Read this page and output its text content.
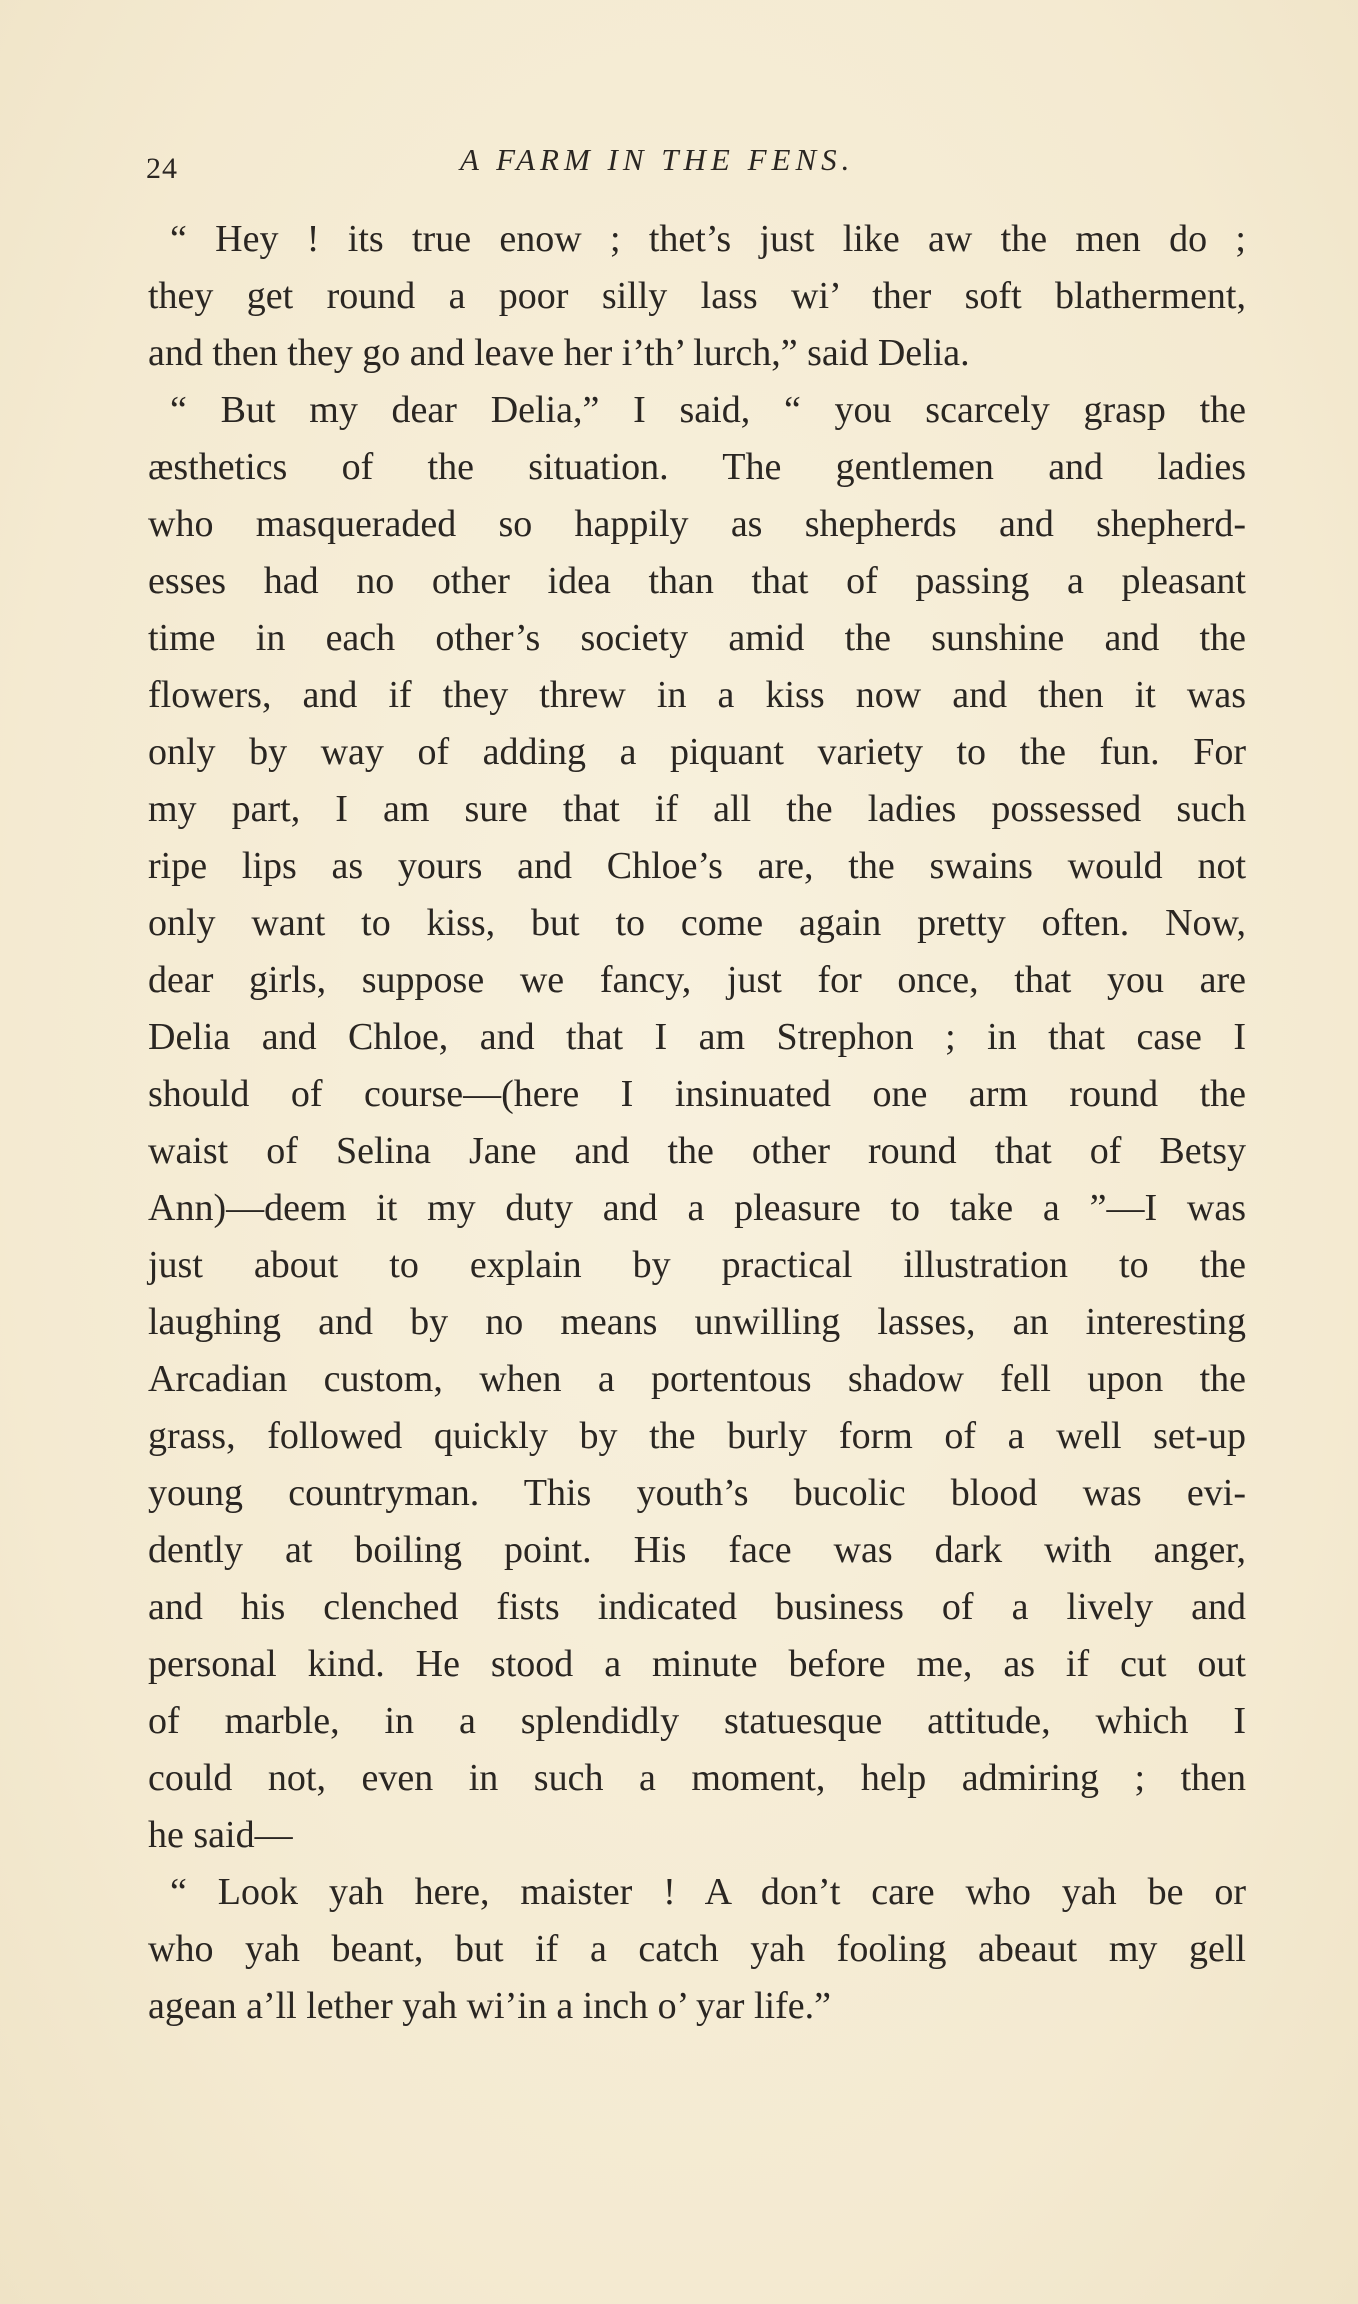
24	A FARM IN THE FENS.
“ Hey ! its true enow ; thet’s just like aw the men do ;
they get round a poor silly lass wi’ ther soft blatherment,
and then they go and leave her i’th’ lurch,” said Delia.
“ But my dear Delia,” I said, “ you scarcely grasp the
æsthetics of the situation. The gentlemen and ladies
who masqueraded so happily as shepherds and shepherd-
esses had no other idea than that of passing a pleasant
time in each other’s society amid the sunshine and the
flowers, and if they threw in a kiss now and then it was
only by way of adding a piquant variety to the fun. For
my part, I am sure that if all the ladies possessed such
ripe lips as yours and Chloe’s are, the swains would not
only want to kiss, but to come again pretty often. Now,
dear girls, suppose we fancy, just for once, that you are
Delia and Chloe, and that I am Strephon ; in that case I
should of course—(here I insinuated one arm round the
waist of Selina Jane and the other round that of Betsy
Ann)—deem it my duty and a pleasure to take a ”—I was
just about to explain by practical illustration to the
laughing and by no means unwilling lasses, an interesting
Arcadian custom, when a portentous shadow fell upon the
grass, followed quickly by the burly form of a well set-up
young countryman. This youth’s bucolic blood was evi-
dently at boiling point. His face was dark with anger,
and his clenched fists indicated business of a lively and
personal kind. He stood a minute before me, as if cut out
of marble, in a splendidly statuesque attitude, which I
could not, even in such a moment, help admiring ; then
he said—
“ Look yah here, maister ! A don’t care who yah be or
who yah beant, but if a catch yah fooling abeaut my gell
agean a’ll lether yah wi’in a inch o’ yar life.”
